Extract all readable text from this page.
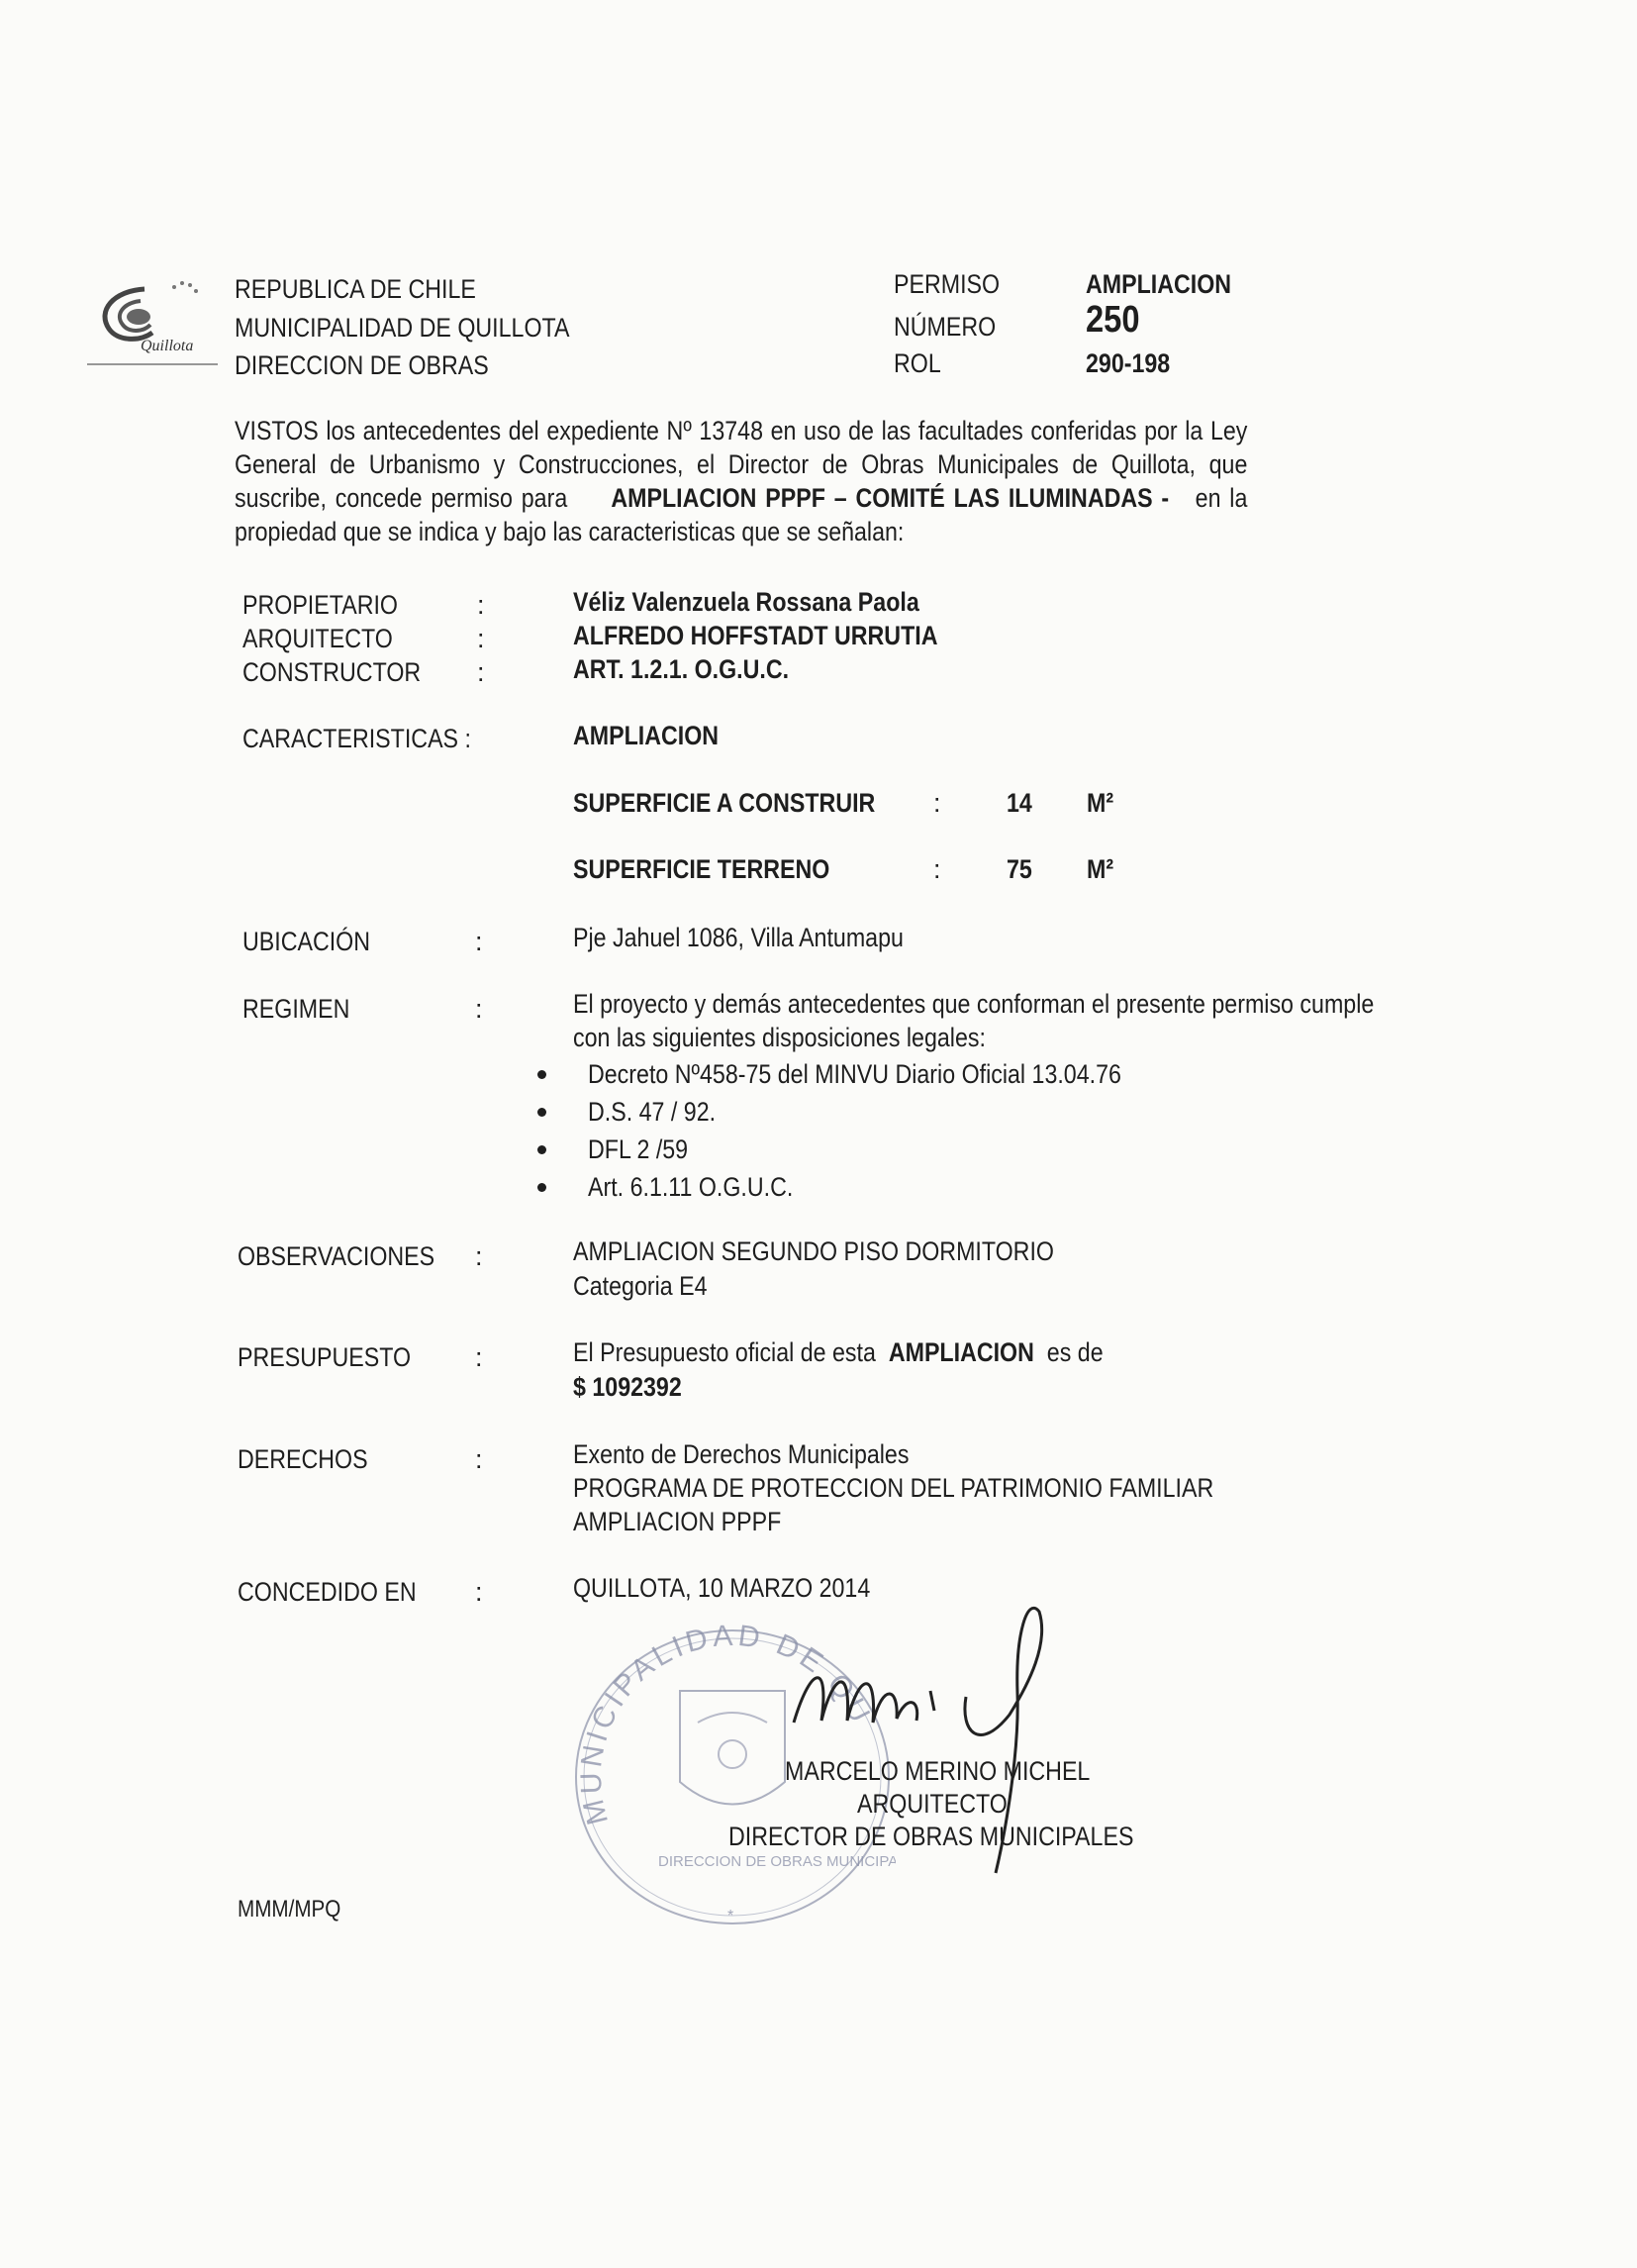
Quillota
REPUBLICA DE CHILE
MUNICIPALIDAD DE QUILLOTA
DIRECCION DE OBRAS
PERMISO	AMPLIACION
NÚMERO 250
ROL	290-198
VISTOS los antecedentes del expediente Nº 13748 en uso de las facultades conferidas por la Ley General de Urbanismo y Construcciones, el Director de Obras Municipales de Quillota, que suscribe, concede permiso para AMPLIACION PPPF – COMITÉ LAS ILUMINADAS - en la propiedad que se indica y bajo las caracteristicas que se señalan:
PROPIETARIO	:	Véliz Valenzuela Rossana Paola
ARQUITECTO	:	ALFREDO HOFFSTADT URRUTIA
CONSTRUCTOR :	ART. 1.2.1. O.G.U.C.
CARACTERISTICAS :	AMPLIACION
SUPERFICIE A CONSTRUIR : 14 M²
SUPERFICIE TERRENO	: 75 M²
UBICACIÓN	:	Pje Jahuel 1086, Villa Antumapu
REGIMEN	:	El proyecto y demás antecedentes que conforman el presente permiso cumple
con las siguientes disposiciones legales:
Decreto Nº458-75 del MINVU Diario Oficial 13.04.76
D.S. 47 / 92.
DFL 2 /59
Art. 6.1.11 O.G.U.C.
OBSERVACIONES :	AMPLIACION SEGUNDO PISO DORMITORIO
Categoria E4
PRESUPUESTO :	El Presupuesto oficial de esta AMPLIACION es de
$ 1092392
DERECHOS	:	Exento de Derechos Municipales
PROGRAMA DE PROTECCION DEL PATRIMONIO FAMILIAR
AMPLIACION PPPF
CONCEDIDO EN :	QUILLOTA, 10 MARZO 2014
MUNICIPALIDAD DE QU
DIRECCION DE OBRAS MUNICIPA
*
MARCELO MERINO MICHEL
ARQUITECTO
DIRECTOR DE OBRAS MUNICIPALES
MMM/MPQ
